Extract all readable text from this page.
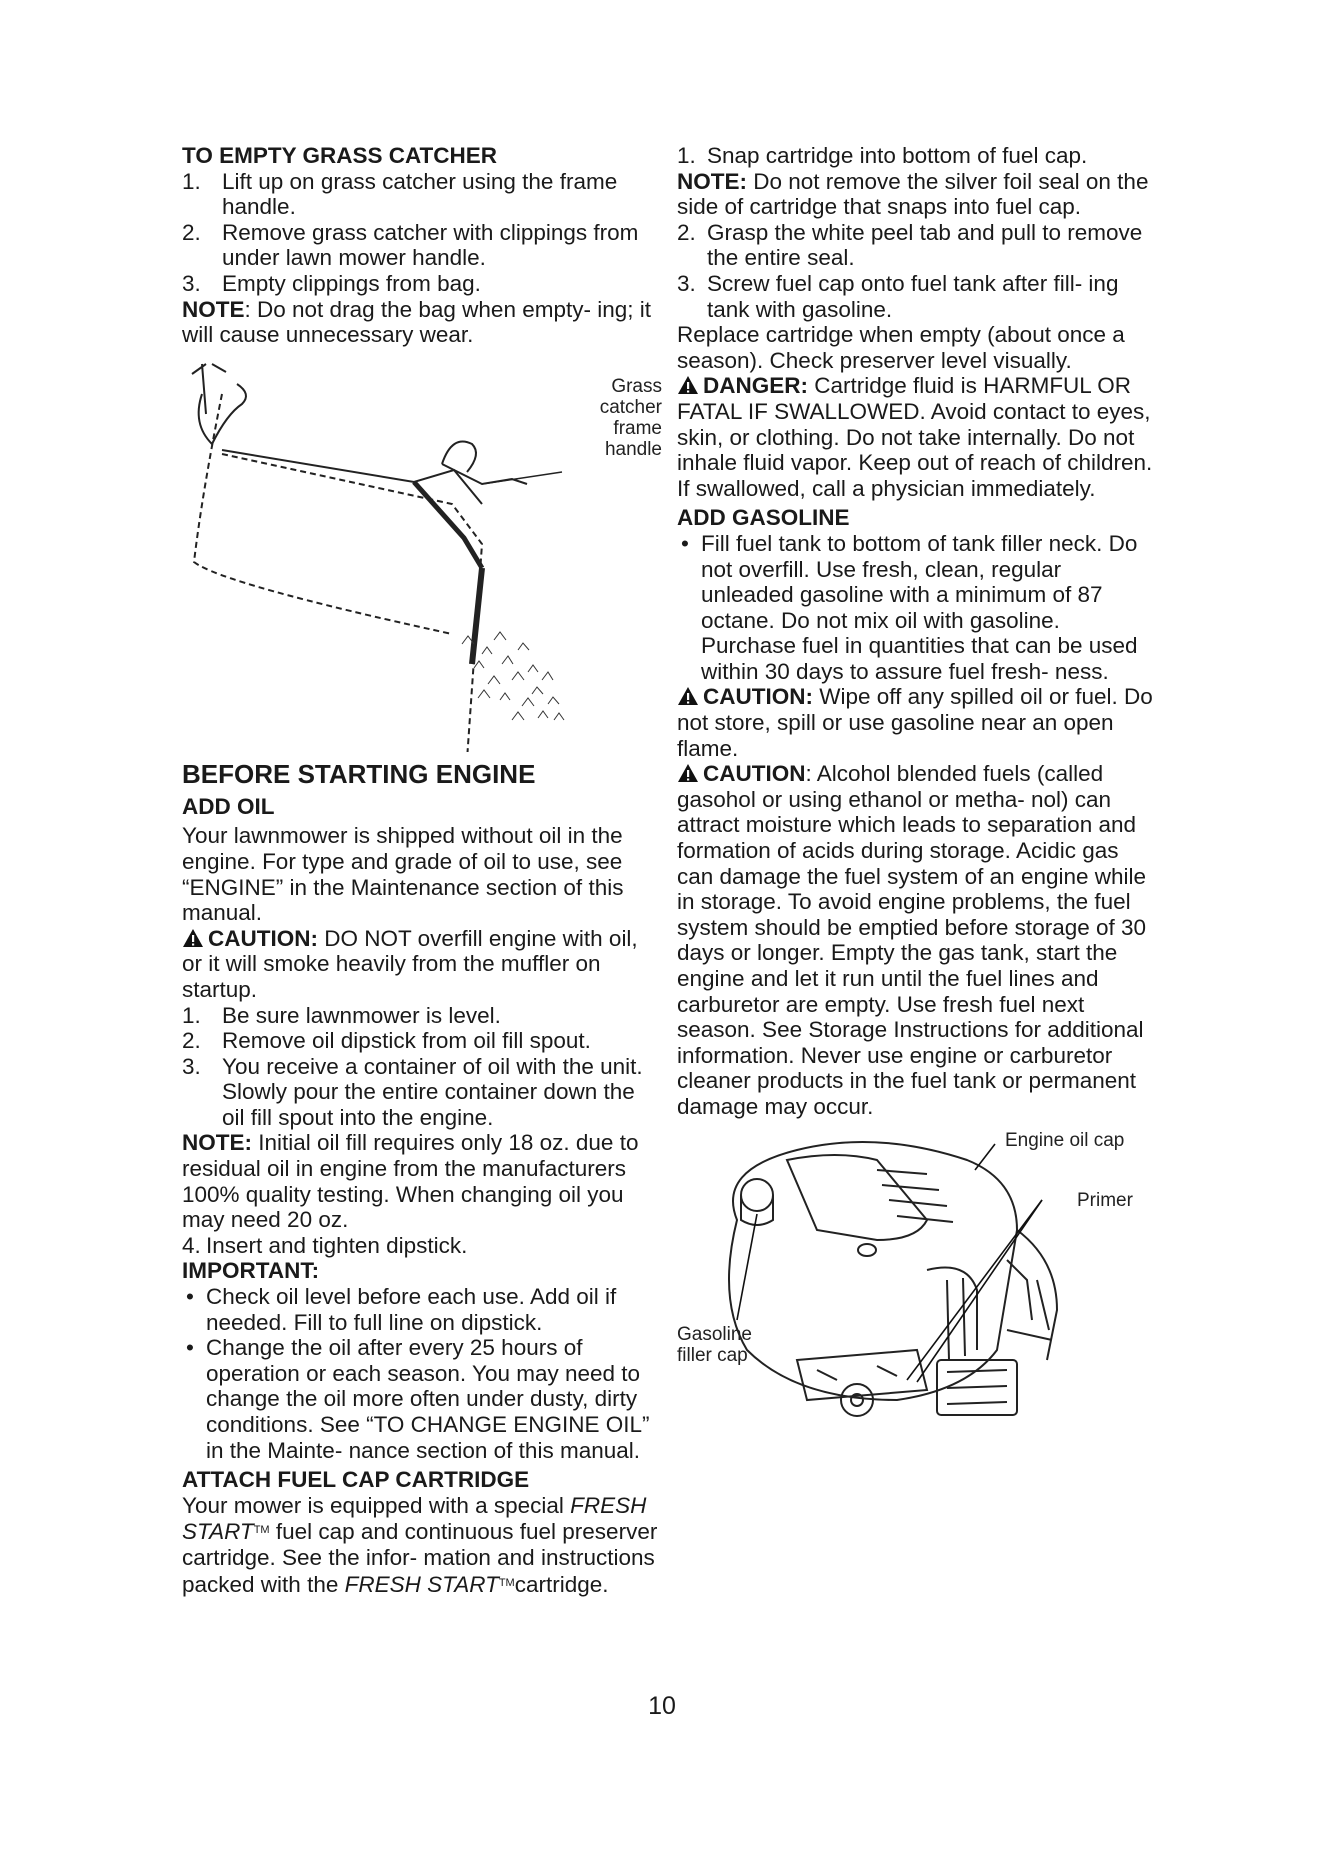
TO EMPTY GRASS CATCHER

1. Lift up on grass catcher using the frame handle.
2. Remove grass catcher with clippings from under lawn mower handle.
3. Empty clippings from bag.

NOTE: Do not drag the bag when empty- ing; it will cause unnecessary wear.

Grass catcher frame handle

BEFORE STARTING ENGINE

ADD OIL

Your lawnmower is shipped without oil in the engine. For type and grade of oil to use, see “ENGINE” in the Maintenance section of this manual.

CAUTION: DO NOT overfill engine with oil, or it will smoke heavily from the muffler on startup.

1. Be sure lawnmower is level.
2. Remove oil dipstick from oil fill spout.
3. You receive a container of oil with the unit. Slowly pour the entire container down the oil fill spout into the engine.

NOTE: Initial oil fill requires only 18 oz. due to residual oil in engine from the manufacturers 100% quality testing. When changing oil you may need 20 oz.

4. Insert and tighten dipstick.

IMPORTANT:

• Check oil level before each use. Add oil if needed. Fill to full line on dipstick.
• Change the oil after every 25 hours of operation or each season. You may need to change the oil more often under dusty, dirty conditions. See “TO CHANGE ENGINE OIL” in the Mainte- nance section of this manual.

ATTACH FUEL CAP CARTRIDGE

Your mower is equipped with a special FRESH START™ fuel cap and continuous fuel preserver cartridge. See the infor- mation and instructions packed with the FRESH START™cartridge.

1. Snap cartridge into bottom of fuel cap.

NOTE: Do not remove the silver foil seal on the side of cartridge that snaps into fuel cap.

2. Grasp the white peel tab and pull to remove the entire seal.
3. Screw fuel cap onto fuel tank after fill- ing tank with gasoline.

Replace cartridge when empty (about once a season). Check preserver level visually.

DANGER: Cartridge fluid is HARMFUL OR FATAL IF SWALLOWED. Avoid contact to eyes, skin, or clothing. Do not take internally. Do not inhale fluid vapor. Keep out of reach of children. If swallowed, call a physician immediately.

ADD GASOLINE

• Fill fuel tank to bottom of tank filler neck. Do not overfill. Use fresh, clean, regular unleaded gasoline with a minimum of 87 octane. Do not mix oil with gasoline. Purchase fuel in quantities that can be used within 30 days to assure fuel fresh- ness.

CAUTION: Wipe off any spilled oil or fuel. Do not store, spill or use gasoline near an open flame.

CAUTION: Alcohol blended fuels (called gasohol or using ethanol or metha- nol) can attract moisture which leads to separation and formation of acids during storage. Acidic gas can damage the fuel system of an engine while in storage. To avoid engine problems, the fuel system should be emptied before storage of 30 days or longer. Empty the gas tank, start the engine and let it run until the fuel lines and carburetor are empty. Use fresh fuel next season. See Storage Instructions for additional information. Never use engine or carburetor cleaner products in the fuel tank or permanent damage may occur.

Engine oil cap
Primer
Gasoline filler cap
10
